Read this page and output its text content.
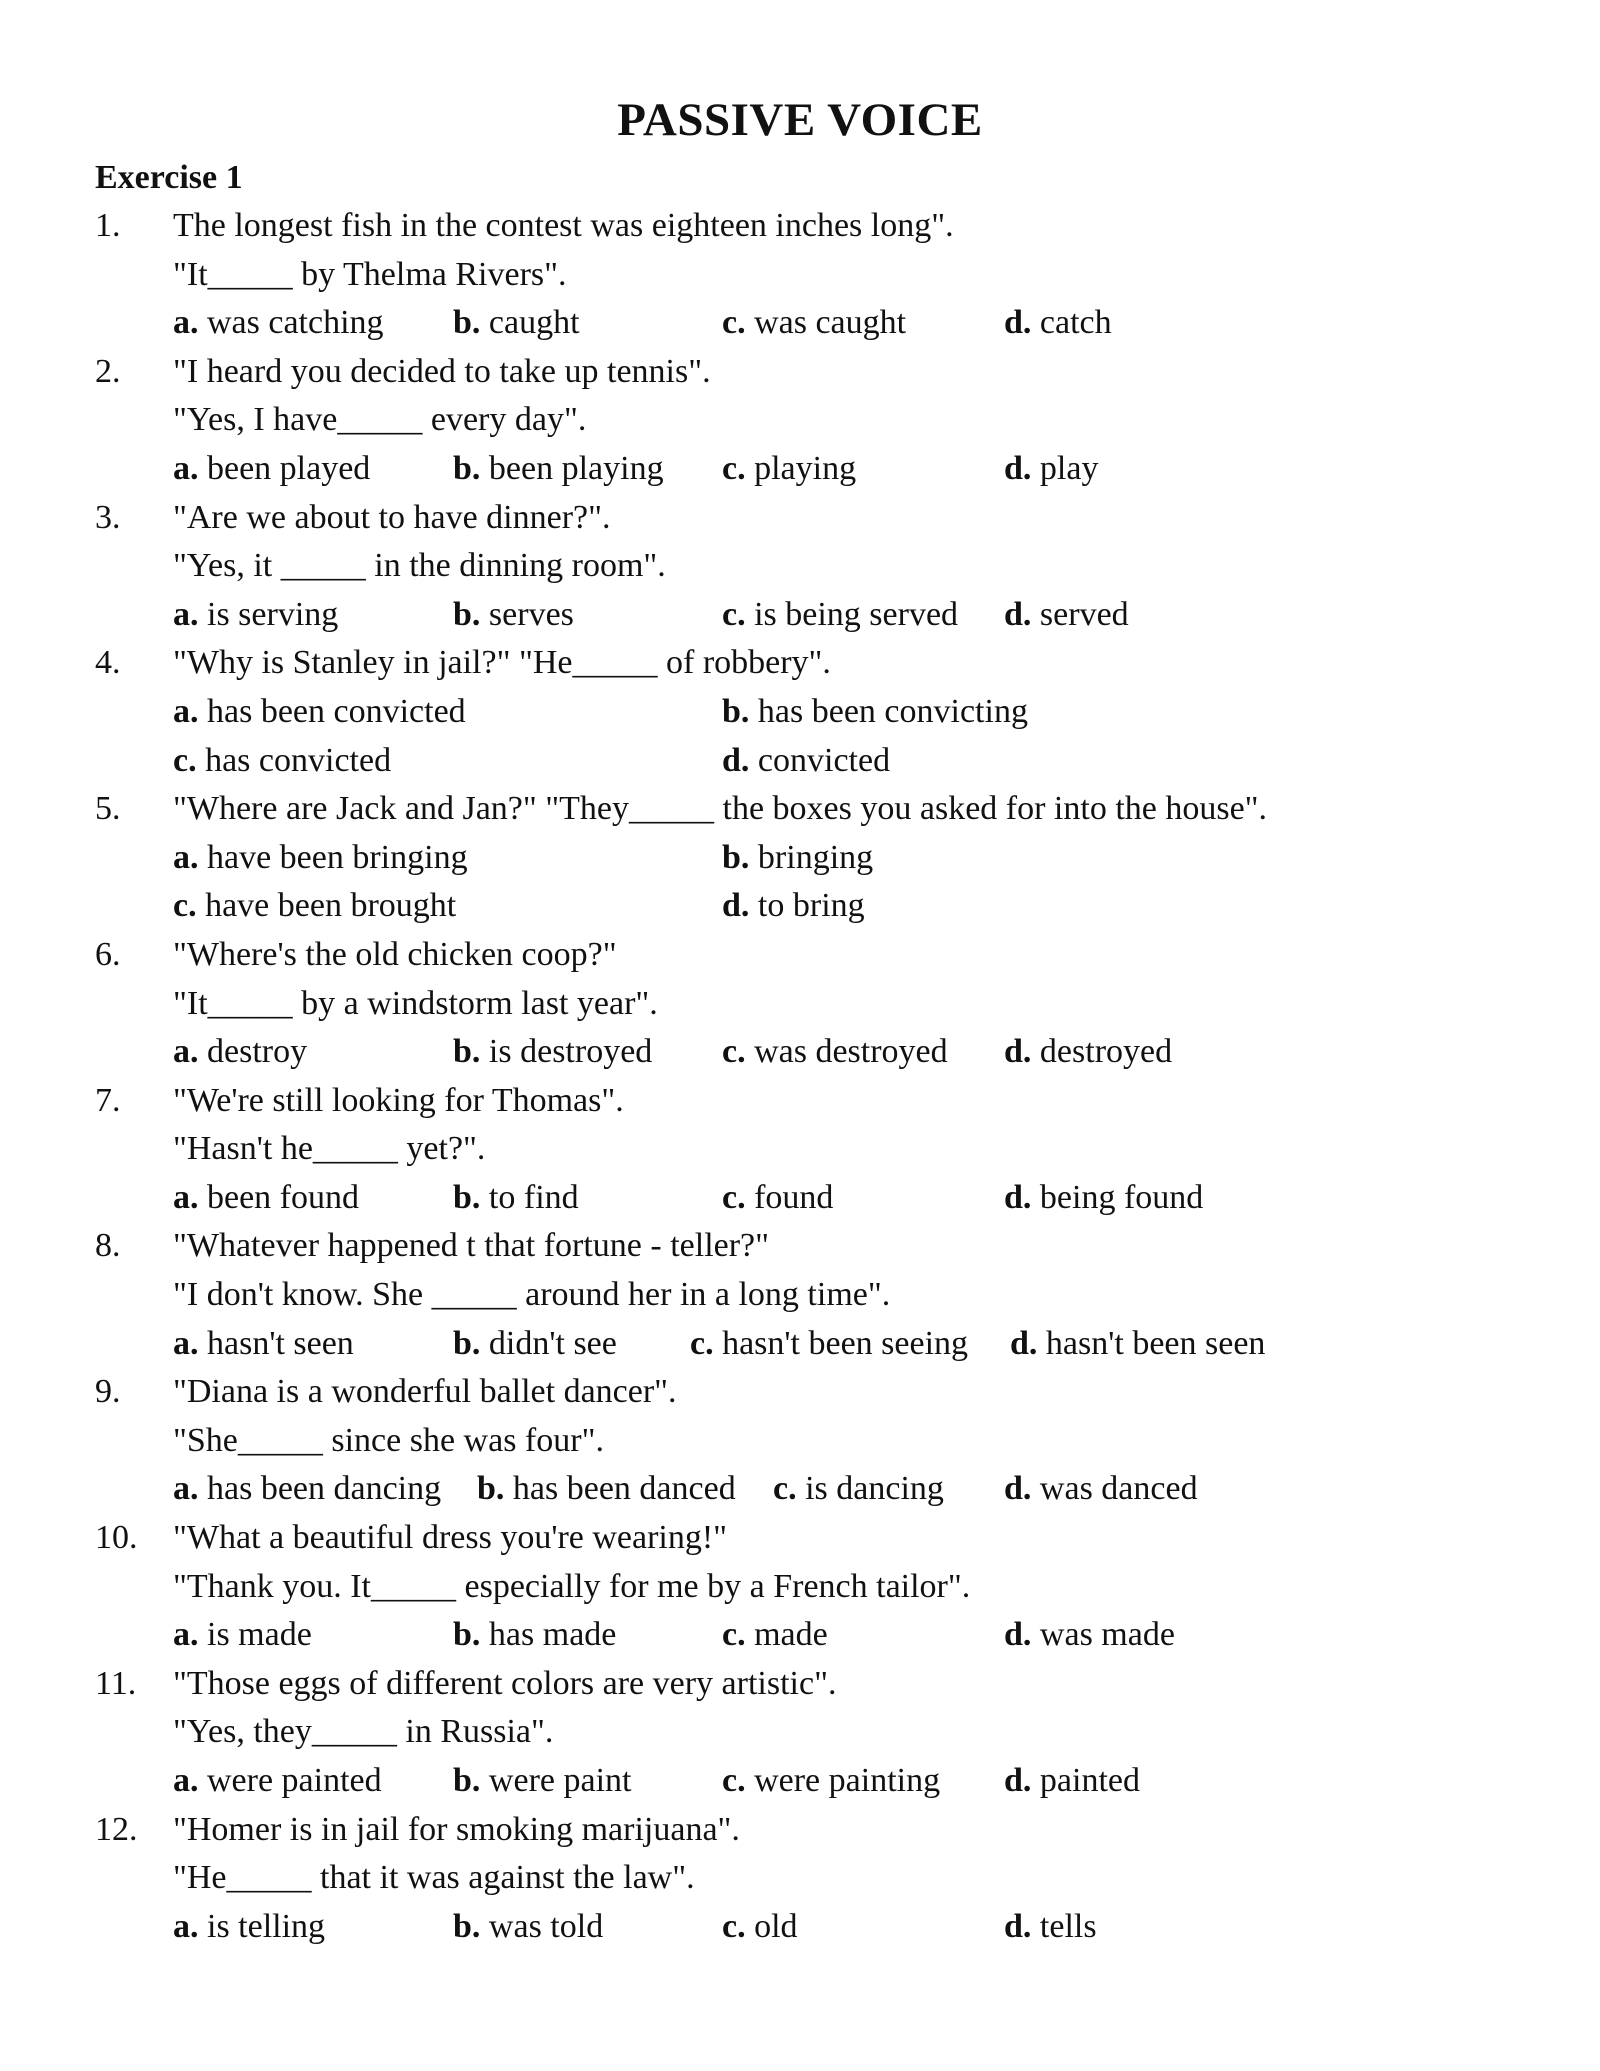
PASSIVE VOICE
Exercise 1
1. The longest fish in the contest was eighteen inches long".
"It_____ by Thelma Rivers".
a. was catching b. caught	c. was caught	d. catch
2. "I heard you decided to take up tennis".
"Yes, I have_____ every day".
a. been played b. been playing c. playing	d. play
3. "Are we about to have dinner?".
"Yes, it _____ in the dinning room".
a. is serving	b. serves	c. is being served d. served
4. "Why is Stanley in jail?" "He_____ of robbery".
a. has been convicted	b. has been convicting
c. has convicted	d. convicted
5. "Where are Jack and Jan?" "They_____ the boxes you asked for into the house".
a. have been bringing	b. bringing
c. have been brought	d. to bring
6. "Where's the old chicken coop?"
"It_____ by a windstorm last year".
a. destroy	b. is destroyed c. was destroyed d. destroyed
7. "We're still looking for Thomas".
"Hasn't he_____ yet?".
a. been found	b. to find	c. found	d. being found
8. "Whatever happened t that fortune - teller?"
"I don't know. She _____ around her in a long time".
a. hasn't seen	b. didn't see c. hasn't been seeing d. hasn't been seen
9. "Diana is a wonderful ballet dancer".
"She_____ since she was four".
a. has been dancing b. has been danced c. is dancing d. was danced
10. "What a beautiful dress you're wearing!"
"Thank you. It_____ especially for me by a French tailor".
a. is made	b. has made	c. made	d. was made
11. "Those eggs of different colors are very artistic".
"Yes, they_____ in Russia".
a. were painted b. were paint	c. were painting d. painted
12. "Homer is in jail for smoking marijuana".
"He_____ that it was against the law".
a. is telling	b. was told	c. old	d. tells
